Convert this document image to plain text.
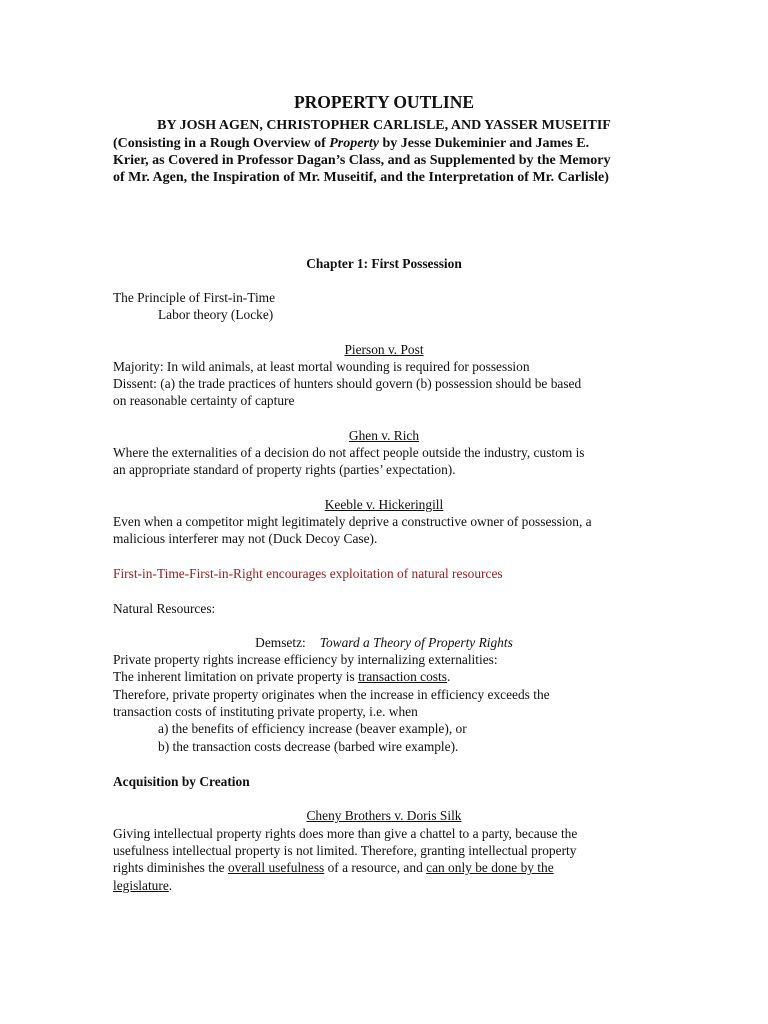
PROPERTY OUTLINE
BY JOSH AGEN, CHRISTOPHER CARLISLE, AND YASSER MUSEITIF
(Consisting in a Rough Overview of Property by Jesse Dukeminier and James E.
Krier, as Covered in Professor Dagan’s Class, and as Supplemented by the Memory
of Mr. Agen, the Inspiration of Mr. Museitif, and the Interpretation of Mr. Carlisle)
Chapter 1: First Possession
The Principle of First-in-Time
Labor theory (Locke)
Pierson v. Post
Majority: In wild animals, at least mortal wounding is required for possession
Dissent: (a) the trade practices of hunters should govern (b) possession should be based
on reasonable certainty of capture
Ghen v. Rich
Where the externalities of a decision do not affect people outside the industry, custom is
an appropriate standard of property rights (parties’ expectation).
Keeble v. Hickeringill
Even when a competitor might legitimately deprive a constructive owner of possession, a
malicious interferer may not (Duck Decoy Case).
First-in-Time-First-in-Right encourages exploitation of natural resources
Natural Resources:
Demsetz: Toward a Theory of Property Rights
Private property rights increase efficiency by internalizing externalities:
The inherent limitation on private property is transaction costs.
Therefore, private property originates when the increase in efficiency exceeds the
transaction costs of instituting private property, i.e. when
a) the benefits of efficiency increase (beaver example), or
b) the transaction costs decrease (barbed wire example).
Acquisition by Creation
Cheny Brothers v. Doris Silk
Giving intellectual property rights does more than give a chattel to a party, because the
usefulness intellectual property is not limited. Therefore, granting intellectual property
rights diminishes the overall usefulness of a resource, and can only be done by the
legislature.
